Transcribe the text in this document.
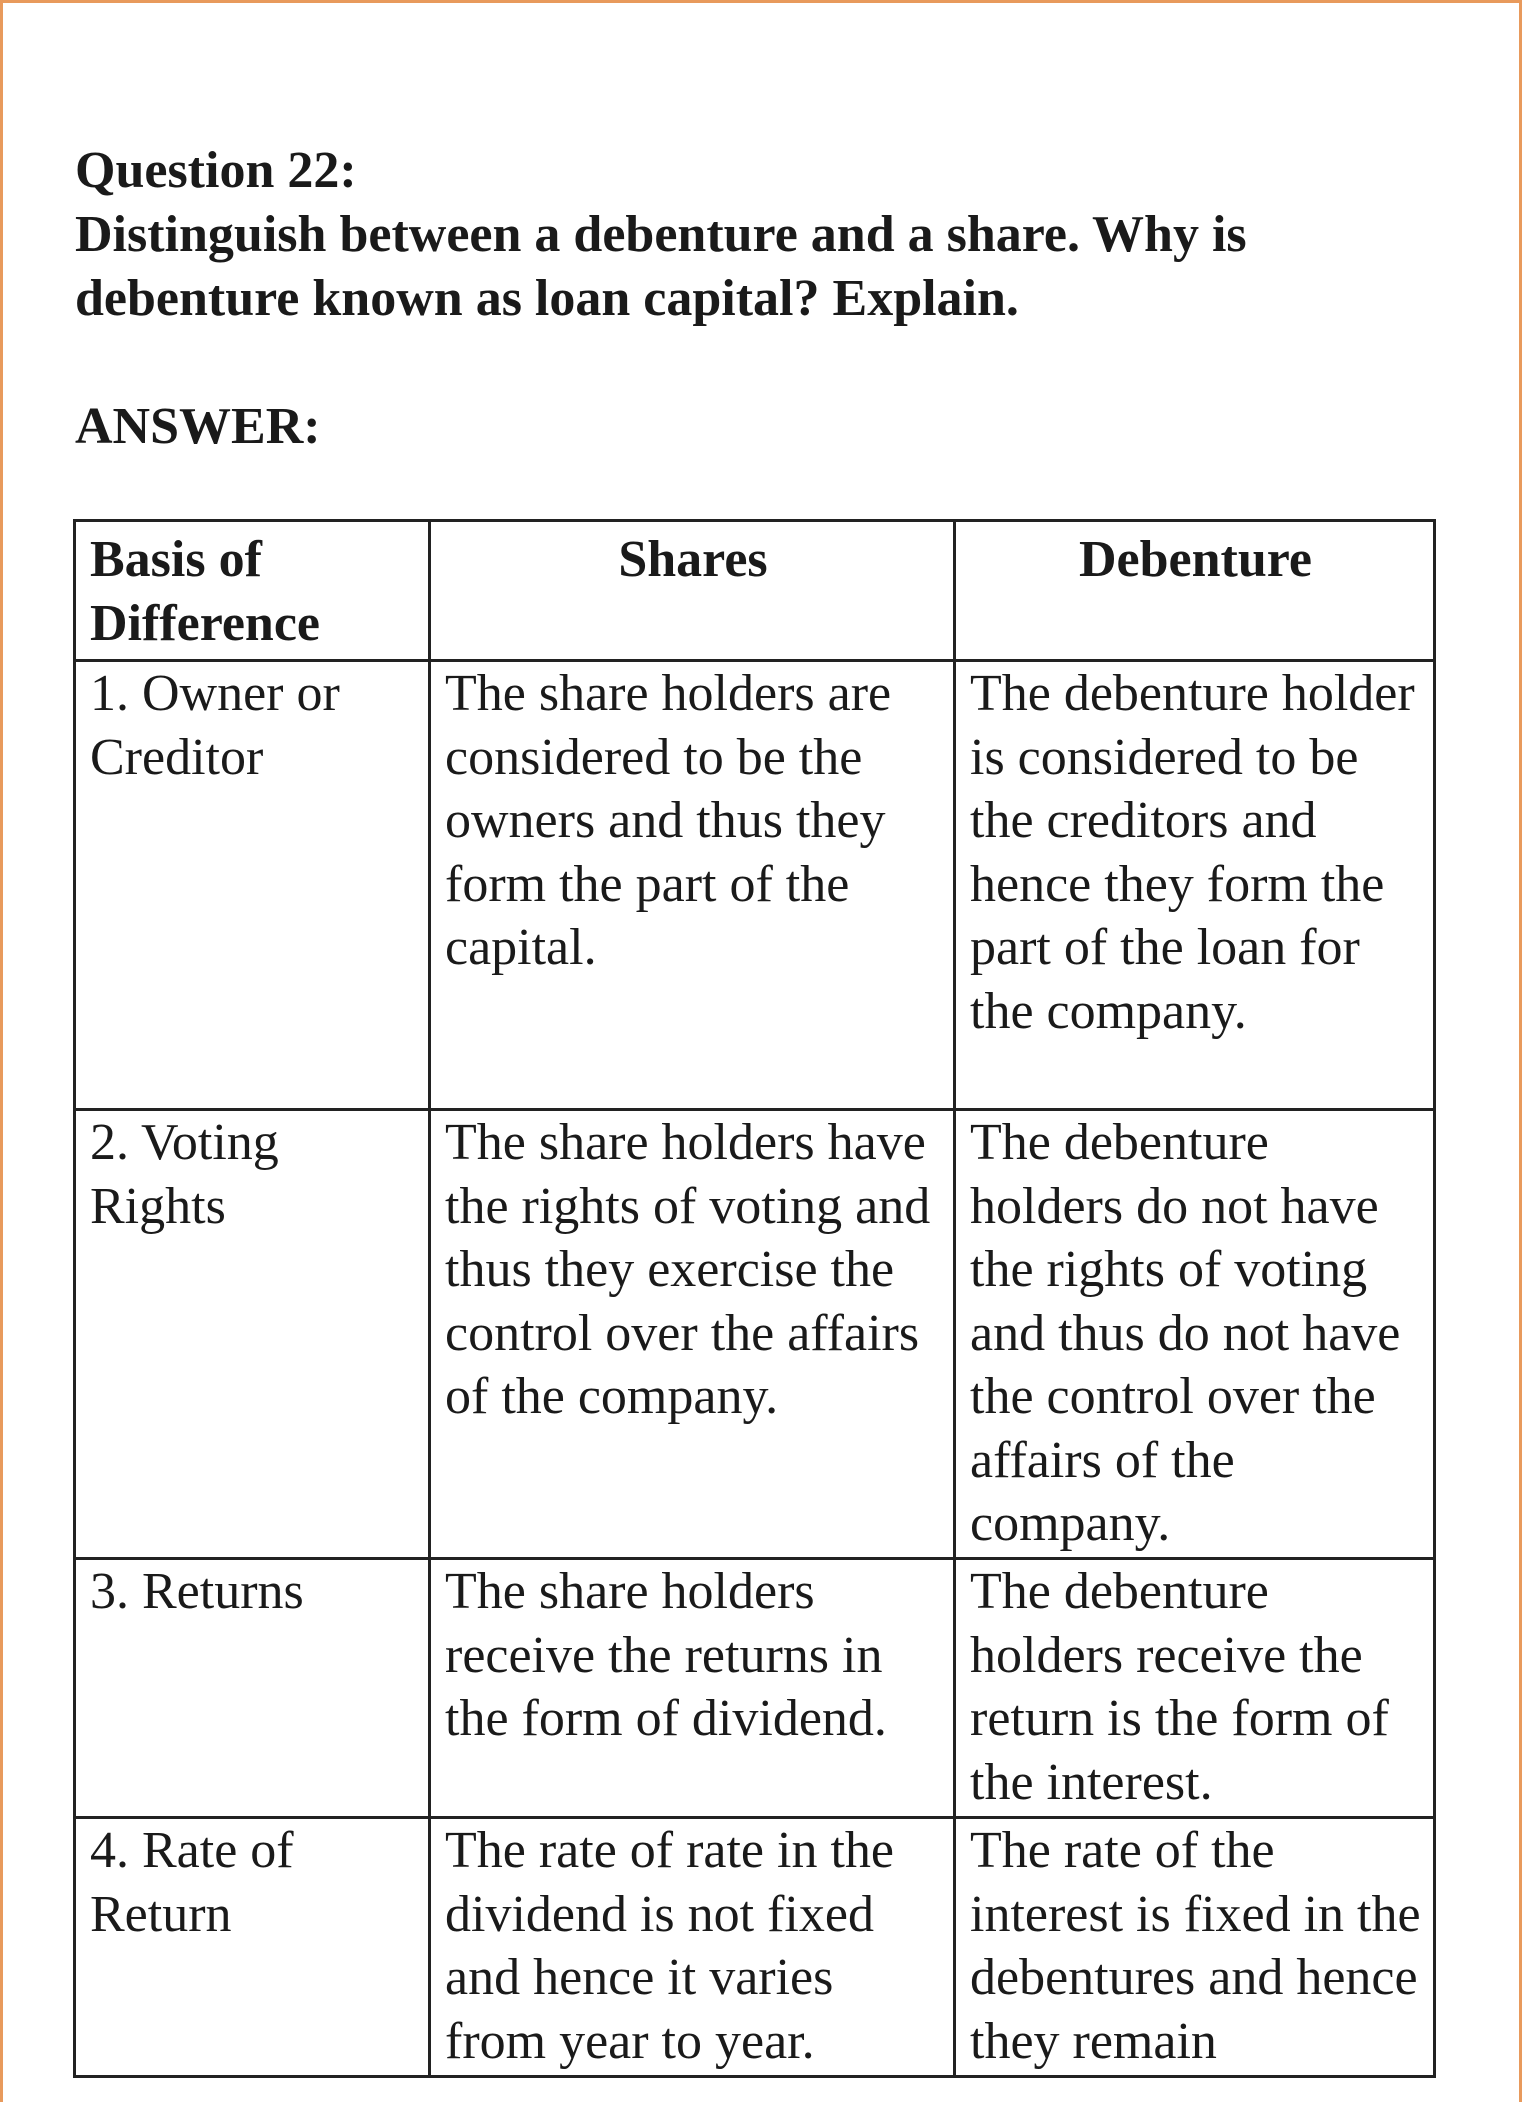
Question 22:
Distinguish between a debenture and a share. Why is
debenture known as loan capital? Explain.
ANSWER:
Basis of Difference	Shares	Debenture
1. Owner or Creditor	The share holders are considered to be the owners and thus they form the part of the capital.	The debenture holder is considered to be the creditors and hence they form the part of the loan for the company.
2. Voting Rights	The share holders have the rights of voting and thus they exercise the control over the affairs of the company.	The debenture holders do not have the rights of voting and thus do not have the control over the affairs of the company.
3. Returns	The share holders receive the returns in the form of dividend.	The debenture holders receive the return is the form of the interest.
4. Rate of Return	The rate of rate in the dividend is not fixed and hence it varies from year to year.	The rate of the interest is fixed in the debentures and hence they remain
